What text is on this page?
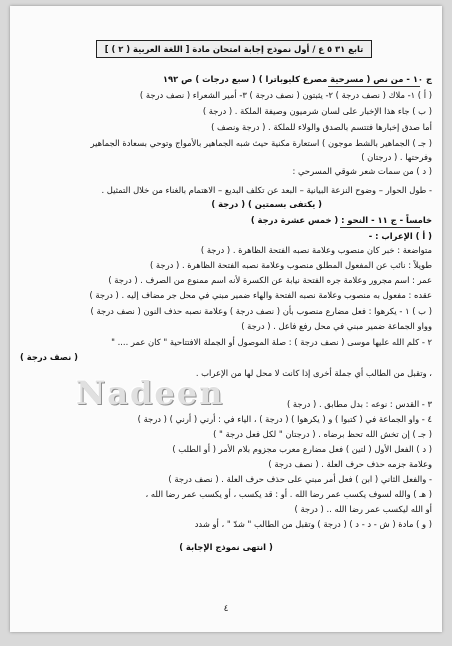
تابع ٣١ ٥ ع / أول نموذج إجابة امتحان مادة [ اللغة العربية ( ٢ ) ]
ج ١٠ - من نص ( مسرحية مصرع كليوباترا ) ( سبع درجات ) ص ١٩٢
( أ ) ١- ملاك ( نصف درجة ) ٢- يثبتون ( نصف درجة ) ٣- أمير الشعراء ( نصف درجة )
( ب ) جاء هذا الإخبار على لسان شرميون وصيفة الملكة . ( درجة )
أما صدق إخبارها فتتسم بالصدق والولاء للملكة . ( درجة ونصف )
( جـ ) الجماهير بالشط موجون ) استعارة مكنية حيث شبه الجماهير بالأمواج وتوحي بسعادة الجماهير
وفرحتها . ( درجتان )
( د ) من سمات شعر شوقي المسرحي :
- طول الحوار – وضوح النزعة البيانية – البعد عن تكلف البديع – الاهتمام بالغناء من خلال التمثيل .
( يكتفى بسمتين ) ( درجة )
خامساً - ج ١١ - النحو : ( خمس عشرة درجة )
( أ ) الإعراب : -
متواضعة : خبر كان منصوب وعلامة نصبه الفتحة الظاهرة . ( درجة )
طويلاً : نائب عن المفعول المطلق منصوب وعلامة نصبه الفتحة الظاهرة . ( درجة )
عمر : اسم مجرور وعلامة جره الفتحة نيابة عن الكسرة لأنه اسم ممنوع من الصرف . ( درجة )
عقده : مفعول به منصوب وعلامة نصبه الفتحة والهاء ضمير مبني في محل جر مضاف إليه . ( درجة )
( ب ) ١ - يكرهوا : فعل مضارع منصوب بأن ( نصف درجة ) وعلامة نصبه حذف النون ( نصف درجة )
وواو الجماعة ضمير مبني في محل رفع فاعل . ( درجة )
٢ - كلم الله عليها موسى ( نصف درجة ) : صلة الموصول أو الجملة الافتتاحية " كان عمر .... "
( نصف درجة )
، وتقبل من الطالب أي جملة أخرى إذا كانت لا محل لها من الإعراب .
Nadeen	٣ - القدس : نوعه : بدل مطابق . ( درجة )
٤ - واو الجماعة في ( كتبوا ) و ( يكرهوا ) ( درجة ) ، الياء في : أرني ( أرني ) ( درجة )
( جـ ) إن تخش الله تحظ برضاه . ( درجتان " لكل فعل درجة " )
( د ) الفعل الأول ( لتين ) فعل مضارع معرب مجزوم بلام الأمر ( أو الطلب )
وعلامة جزمه حذف حرف العلة . ( نصف درجة )
- والفعل الثاني ( ابن ) فعل أمر مبني على حذف حرف العلة . ( نصف درجة )
( هـ ) والله لسوف يكسب عمر رضا الله . أو : قد يكسب ، أو يكسب عمر رضا الله ،
أو الله ليكسب عمر رضا الله .. ( درجة )
( و ) مادة ( ش - د - د ) ( درجة ) وتقبل من الطالب " شدّ " ، أو شدد
( انتهى نموذج الإجابة )
٤
